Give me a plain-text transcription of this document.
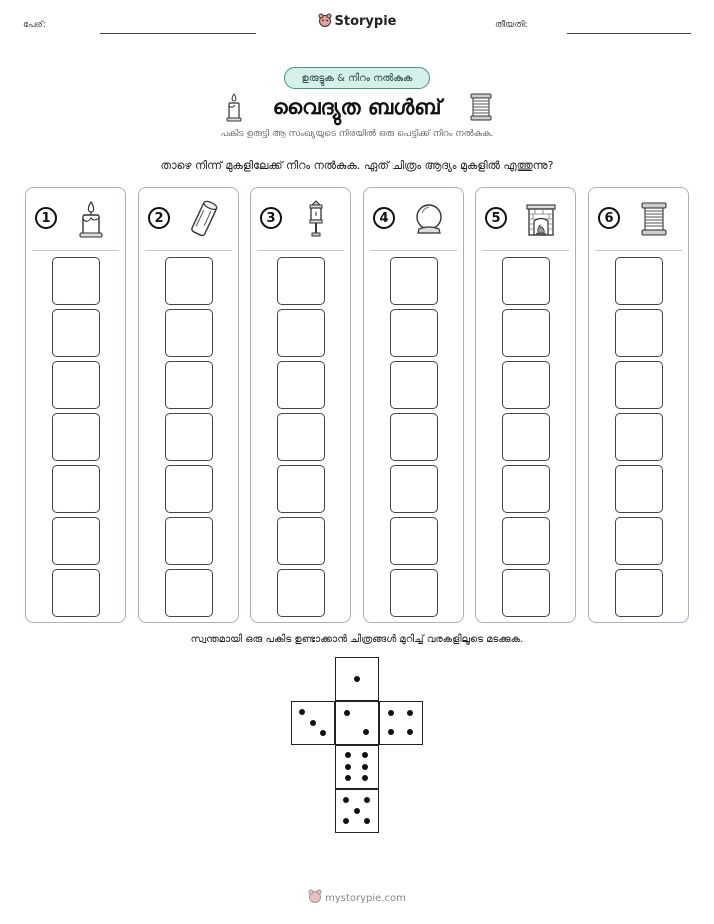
പേര്:	Storypie	തീയതി:
ഉരുട്ടുക & നിറം നൽകുക
വൈദ്യുത ബൾബ്
പകിട ഉരുട്ടി ആ സംഖ്യയുടെ നിരയിൽ ഒരു പെട്ടിക്ക് നിറം നൽകുക.
താഴെ നിന്ന് മുകളിലേക്ക് നിറം നൽകുക. ഏത് ചിത്രം ആദ്യം മുകളിൽ എത്തുന്നു?
1	2	3	4	5	6
സ്വന്തമായി ഒരു പകിട ഉണ്ടാക്കാൻ ചിത്രങ്ങൾ മുറിച്ച് വരകളിലൂടെ മടക്കുക.
mystorypie.com
